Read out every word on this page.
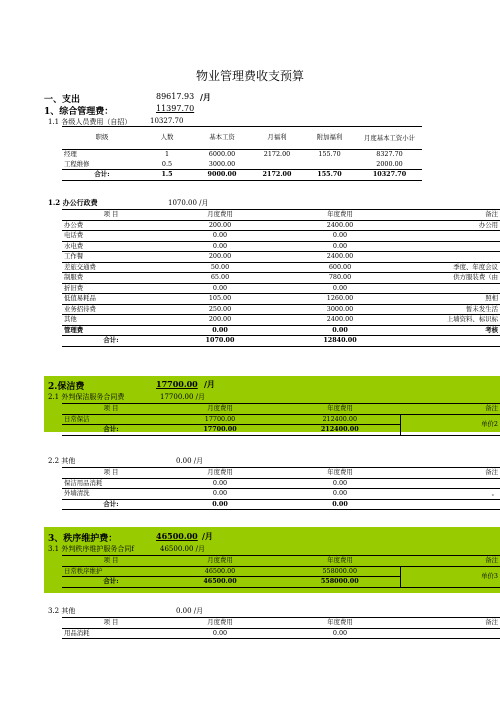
物业管理费收支预算
一、支出	89617.93 /月
1、综合管理费：	11397.70
1.1 各级人员费用（自招）	10327.70
职级	人数	基本工资	月福利	附加福利	月度基本工资小计
经理	1	6000.00	2172.00	155.70	8327.70
工程维修	0.5	3000.00			2000.00
合计:	1.5	9000.00	2172.00	155.70	10327.70
1.2 办公行政费	1070.00 /月
项 目	月度费用	年度费用	备注
办公费	200.00	2400.00	办公用
电话费	0.00	0.00	
水电费	0.00	0.00	
工作餐	200.00	2400.00	
差旅交通费	50.00	600.00	季度、年度会议
制服费	65.00	780.00	供方服装费（由
折旧费	0.00	0.00	
低值易耗品	105.00	1260.00	照相
业务招待费	250.00	3000.00	暂未发生活
其他	200.00	2400.00	上墙资料、标识标
管理费	0.00	0.00	考核
合计:	1070.00	12840.00	
2.保洁费	17700.00 /月
2.1 外判保洁服务合同费	17700.00 /月
项 目	月度费用	年度费用	备注
日常保洁	17700.00	212400.00	单价2
合计:	17700.00	212400.00	
2.2 其他	0.00 /月
项 目	月度费用	年度费用	备注
保洁用品消耗	0.00	0.00	
外墙清洗	0.00	0.00	。
合计:	0.00	0.00	
3、秩序维护费：	46500.00 /月
3.1 外判秩序维护服务合同f	46500.00 /月
项 目	月度费用	年度费用	备注
日常秩序维护	46500.00	558000.00	单价3
合计:	46500.00	558000.00	
3.2 其他	0.00 /月
项 目	月度费用	年度费用	备注
用品消耗	0.00	0.00	
